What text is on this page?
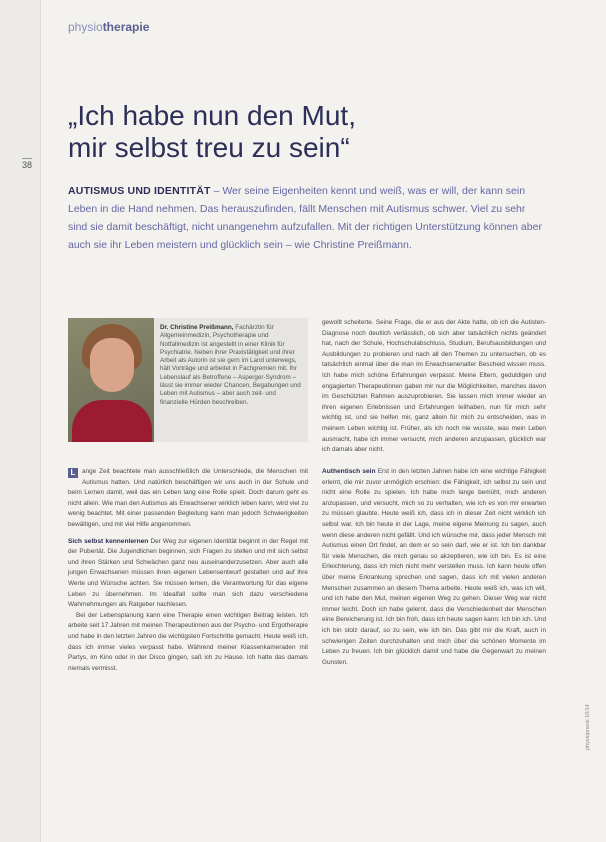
physiotherapie
38
„Ich habe nun den Mut,
mir selbst treu zu sein“

AUTISMUS UND IDENTITÄT – Wer seine Eigenheiten kennt und weiß, was er will, der kann sein Leben in die Hand nehmen. Das herauszufinden, fällt Menschen mit Autismus schwer. Viel zu sehr sind sie damit beschäftigt, nicht unangenehm aufzufallen. Mit der richtigen Unterstützung können aber auch sie ihr Leben meistern und glücklich sein – wie Christine Preißmann.

Dr. Christine Preißmann, Fachärztin für Allgemeinmedizin, Psychotherapie und Notfallmedizin ist angestellt in einer Klinik für Psychiatrie. Neben ihrer Praxistätigkeit und ihrer Arbeit als Autorin ist sie gern im Land unterwegs, hält Vorträge und arbeitet in Fachgremien mit. Ihr Lebenslauf als Betroffene – Asperger-Syndrom – lässt sie immer wieder Chancen, Begabungen und Leben mit Autismus – aber auch zeit- und finanzielle Hürden beschreiben.

gewollt scheiterte. Seine Frage, die er aus der Akte hatte, ob ich die Autisten-Diagnose noch deutlich verlässlich, ob sich aber tatsächlich nichts geändert hat, nach der Schule, Hochschulabschluss, Studium, Berufsausbildungen und Ausbildungen zu probieren und nach all den Themen zu untersuchen, ob es tatsächlich einmal über die man im Erwachsenenalter Bescheid wissen muss. Ich habe mich schöne Erfahrungen verpasst. Meine Eltern, geduldigen und engagierten Therapeutinnen gaben mir nur die Möglichkeiten, manches davon im Geschützten Rahmen auszuprobieren. Sie lassen mich immer wieder an ihren eigenen Erlebnissen und Erfahrungen teilhaben, nun für mich sehr wichtig ist, und sie helfen mir, ganz allein für mich zu entscheiden, was in meinem Leben wichtig ist. Früher, als ich noch nie wusste, was mein Leben ausmacht, habe ich immer versucht, mich anderen anzupassen, glücklich war ich damals aber nicht.

L	ange Zeit beachtete man ausschließlich die Unterschiede, die Menschen mit Autismus hatten. Und natürlich beschäftigen wir uns auch in der Schule und beim Lernen damit, weil das ein Leben lang eine Rolle spielt. Doch darum geht es nicht allein. Wie man den Autismus als Erwachsener wirklich leben kann, wird viel zu wenig beachtet. Mit einer passenden Begleitung kann man jedoch Schwierigkeiten bewältigen, und mit viel Hilfe angenommen.

Sich selbst kennenlernen Der Weg zur eigenen Identität beginnt in der Regel mit der Pubertät. Die Jugendlichen beginnen, sich Fragen zu stellen und mit sich selbst und ihren Stärken und Schwächen ganz neu auseinanderzusetzen. Aber auch alle jungen Erwachsenen müssen ihren eigenen Lebensentwurf gestalten und auf ihre Werte und Wünsche achten. Sie müssen lernen, die Verantwortung für das eigene Leben zu übernehmen. Im Idealfall sollte man sich dazu verschiedene Wahrnehmungen als Ratgeber nachlesen.

Bei der Lebensplanung kann eine Therapie einen wichtigen Beitrag leisten. Ich arbeite seit 17 Jahren mit meinen Therapeutinnen aus der Psycho- und Ergotherapie und habe in den letzten Jahren die wichtigsten Fortschritte gemacht. Heute weiß ich, dass ich immer vieles verpasst habe. Während meiner Klassenkameraden mit Partys, im Kino oder in der Disco gingen, saß ich zu Hause. Ich hatte das damals niemals vermisst.

Authentisch sein Erst in den letzten Jahren habe ich eine wichtige Fähigkeit erlernt, die mir zuvor unmöglich erschien: die Fähigkeit, ich selbst zu sein und nicht eine Rolle zu spielen. Ich habe mich lange bemüht, mich anderen anzupassen, und versucht, mich so zu verhalten, wie ich es von mir erwarten zu müssen glaubte. Heute weiß ich, dass ich in dieser Zeit nicht wirklich ich selbst war. Ich bin heute in der Lage, meine eigene Meinung zu sagen, auch wenn diese anderen nicht gefällt. Und ich wünsche mir, dass jeder Mensch mit Autismus einen Ort findet, an dem er so sein darf, wie er ist. Ich bin dankbar für viele Menschen, die mich genau so akzeptieren, wie ich bin. Es ist eine Erleichterung, dass ich mich nicht mehr verstellen muss. Ich kann heute offen über meine Erkrankung sprechen und sagen, dass ich mit vielen anderen Menschen zusammen an diesem Thema arbeite. Heute weiß ich, was ich will, und ich habe den Mut, meinen eigenen Weg zu gehen. Dieser Weg war nicht immer leicht. Doch ich habe gelernt, dass die Verschiedenheit der Menschen eine Bereicherung ist. Ich bin froh, dass ich heute sagen kann: Ich bin ich. Und ich bin stolz darauf, so zu sein, wie ich bin. Das gibt mir die Kraft, auch in schwierigen Zeiten durchzuhalten und mich über die schönen Momente im Leben zu freuen. Ich bin glücklich damit und habe die Gegenwart zu meinen Gunsten.

physiopraxis 10/14
